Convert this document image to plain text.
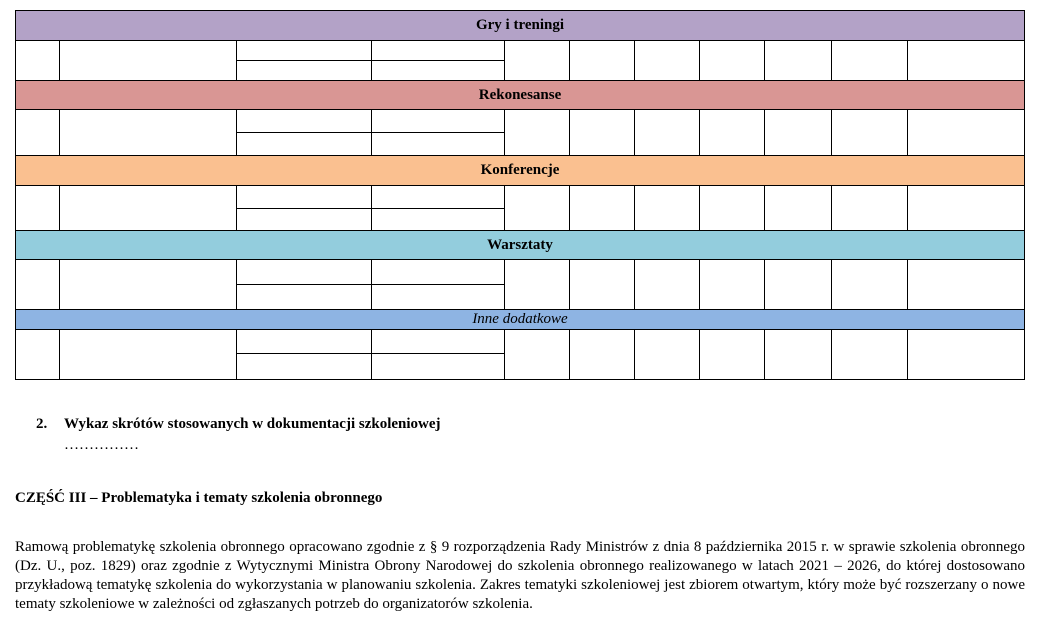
Gry i treningi										

Rekonesanse										

Konferencje										

Warsztaty										

Inne dodatkowe										

2. Wykaz skrótów stosowanych w dokumentacji szkoleniowej
……………
CZĘŚĆ III – Problematyka i tematy szkolenia obronnego
Ramową problematykę szkolenia obronnego opracowano zgodnie z § 9 rozporządzenia Rady Ministrów z dnia 8 października 2015 r. w sprawie szkolenia obronnego (Dz. U., poz. 1829) oraz zgodnie z Wytycznymi Ministra Obrony Narodowej do szkolenia obronnego realizowanego w latach 2021 – 2026, do której dostosowano przykładową tematykę szkolenia do wykorzystania w planowaniu szkolenia. Zakres tematyki szkoleniowej jest zbiorem otwartym, który może być rozszerzany o nowe tematy szkoleniowe w zależności od zgłaszanych potrzeb do organizatorów szkolenia.
